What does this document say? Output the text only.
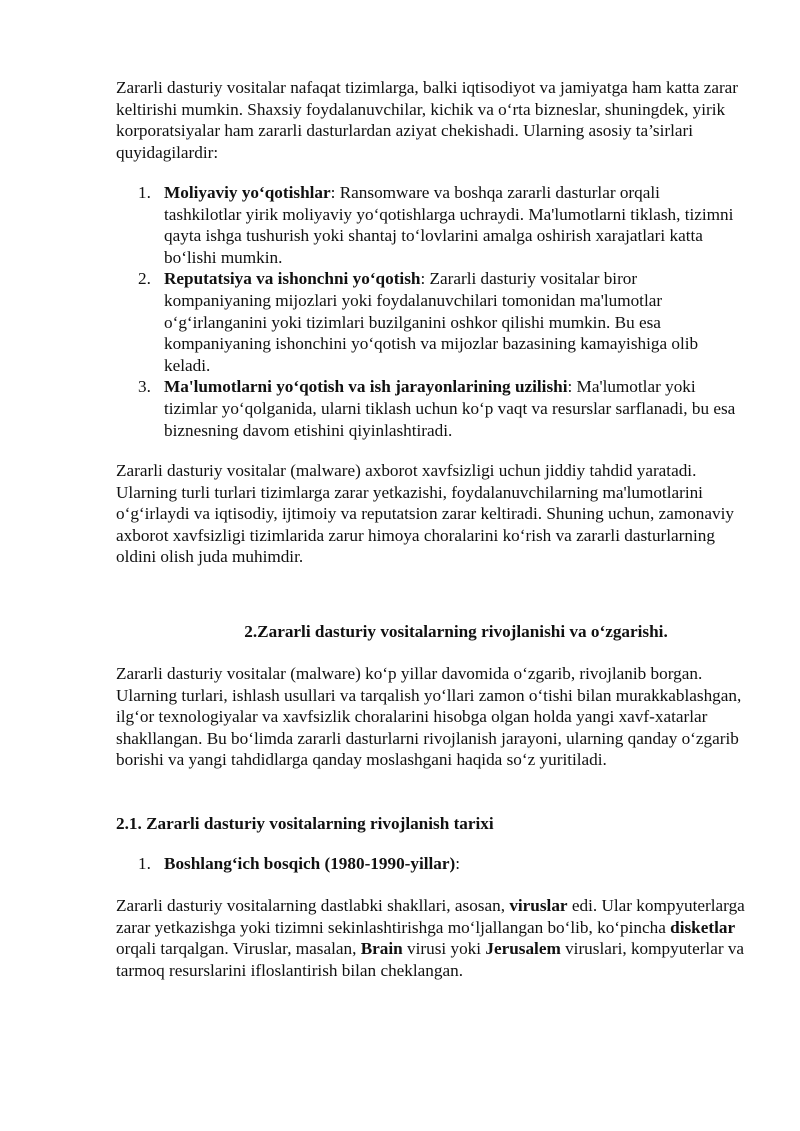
Zararli dasturiy vositalar nafaqat tizimlarga, balki iqtisodiyot va jamiyatga ham katta zarar keltirishi mumkin. Shaxsiy foydalanuvchilar, kichik va o‘rta bizneslar, shuningdek, yirik korporatsiyalar ham zararli dasturlardan aziyat chekishadi. Ularning asosiy ta’sirlari quyidagilardir:

1. Moliyaviy yo‘qotishlar: Ransomware va boshqa zararli dasturlar orqali tashkilotlar yirik moliyaviy yo‘qotishlarga uchraydi. Ma'lumotlarni tiklash, tizimni qayta ishga tushurish yoki shantaj to‘lovlarini amalga oshirish xarajatlari katta bo‘lishi mumkin.
2. Reputatsiya va ishonchni yo‘qotish: Zararli dasturiy vositalar biror kompaniyaning mijozlari yoki foydalanuvchilari tomonidan ma'lumotlar o‘g‘irlanganini yoki tizimlari buzilganini oshkor qilishi mumkin. Bu esa kompaniyaning ishonchini yo‘qotish va mijozlar bazasining kamayishiga olib keladi.
3. Ma'lumotlarni yo‘qotish va ish jarayonlarining uzilishi: Ma'lumotlar yoki tizimlar yo‘qolganida, ularni tiklash uchun ko‘p vaqt va resurslar sarflanadi, bu esa biznesning davom etishini qiyinlashtiradi.

Zararli dasturiy vositalar (malware) axborot xavfsizligi uchun jiddiy tahdid yaratadi. Ularning turli turlari tizimlarga zarar yetkazishi, foydalanuvchilarning ma'lumotlarini o‘g‘irlaydi va iqtisodiy, ijtimoiy va reputatsion zarar keltiradi. Shuning uchun, zamonaviy axborot xavfsizligi tizimlarida zarur himoya choralarini ko‘rish va zararli dasturlarning oldini olish juda muhimdir.

2.Zararli dasturiy vositalarning rivojlanishi va o‘zgarishi.

Zararli dasturiy vositalar (malware) ko‘p yillar davomida o‘zgarib, rivojlanib borgan. Ularning turlari, ishlash usullari va tarqalish yo‘llari zamon o‘tishi bilan murakkablashgan, ilg‘or texnologiyalar va xavfsizlik choralarini hisobga olgan holda yangi xavf-xatarlar shakllangan. Bu bo‘limda zararli dasturlarni rivojlanish jarayoni, ularning qanday o‘zgarib borishi va yangi tahdidlarga qanday moslashgani haqida so‘z yuritiladi.

2.1. Zararli dasturiy vositalarning rivojlanish tarixi

1. Boshlang‘ich bosqich (1980-1990-yillar):

Zararli dasturiy vositalarning dastlabki shakllari, asosan, viruslar edi. Ular kompyuterlarga zarar yetkazishga yoki tizimni sekinlashtirishga mo‘ljallangan bo‘lib, ko‘pincha disketlar orqali tarqalgan. Viruslar, masalan, Brain virusi yoki Jerusalem viruslari, kompyuterlar va tarmoq resurslarini ifloslantirish bilan cheklangan.
